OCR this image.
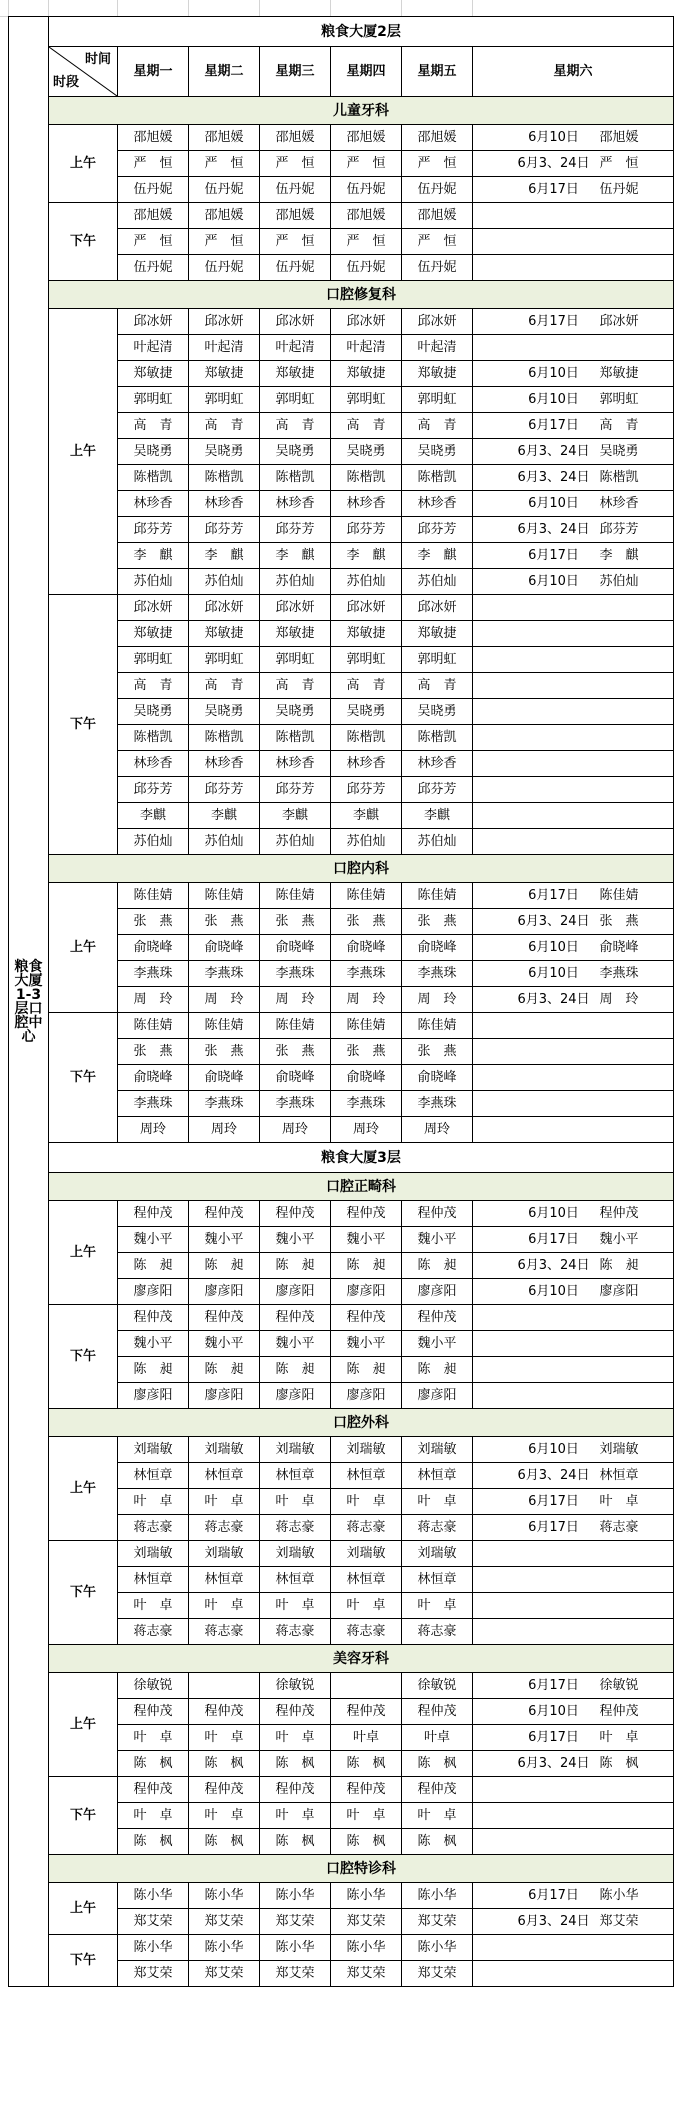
粮食大厦1-3层口腔中心	粮食大厦2层						

	时间
时段	星期一	星期二	星期三	星期四	星期五	星期六
	儿童牙科						
	上午	邵旭媛	邵旭媛	邵旭媛	邵旭媛	邵旭媛	6月10日 邵旭媛
		严　恒	严　恒	严　恒	严　恒	严　恒	6月3、24日 严　恒
		伍丹妮	伍丹妮	伍丹妮	伍丹妮	伍丹妮	6月17日 伍丹妮
	下午	邵旭媛	邵旭媛	邵旭媛	邵旭媛	邵旭媛	
		严　恒	严　恒	严　恒	严　恒	严　恒	
		伍丹妮	伍丹妮	伍丹妮	伍丹妮	伍丹妮	
	口腔修复科						
	上午	邱冰妍	邱冰妍	邱冰妍	邱冰妍	邱冰妍	6月17日 邱冰妍
		叶起清	叶起清	叶起清	叶起清	叶起清	
		郑敏捷	郑敏捷	郑敏捷	郑敏捷	郑敏捷	6月10日 郑敏捷
		郭明虹	郭明虹	郭明虹	郭明虹	郭明虹	6月10日 郭明虹
		高　青	高　青	高　青	高　青	高　青	6月17日 高　青
		吴晓勇	吴晓勇	吴晓勇	吴晓勇	吴晓勇	6月3、24日 吴晓勇
		陈楷凯	陈楷凯	陈楷凯	陈楷凯	陈楷凯	6月3、24日 陈楷凯
		林珍香	林珍香	林珍香	林珍香	林珍香	6月10日 林珍香
		邱芬芳	邱芬芳	邱芬芳	邱芬芳	邱芬芳	6月3、24日 邱芬芳
		李　麒	李　麒	李　麒	李　麒	李　麒	6月17日 李　麒
		苏伯灿	苏伯灿	苏伯灿	苏伯灿	苏伯灿	6月10日 苏伯灿
	下午	邱冰妍	邱冰妍	邱冰妍	邱冰妍	邱冰妍	
		郑敏捷	郑敏捷	郑敏捷	郑敏捷	郑敏捷	
		郭明虹	郭明虹	郭明虹	郭明虹	郭明虹	
		高　青	高　青	高　青	高　青	高　青	
		吴晓勇	吴晓勇	吴晓勇	吴晓勇	吴晓勇	
		陈楷凯	陈楷凯	陈楷凯	陈楷凯	陈楷凯	
		林珍香	林珍香	林珍香	林珍香	林珍香	
		邱芬芳	邱芬芳	邱芬芳	邱芬芳	邱芬芳	
		李麒	李麒	李麒	李麒	李麒	
		苏伯灿	苏伯灿	苏伯灿	苏伯灿	苏伯灿	
	口腔内科						
	上午	陈佳婧	陈佳婧	陈佳婧	陈佳婧	陈佳婧	6月17日 陈佳婧
		张　燕	张　燕	张　燕	张　燕	张　燕	6月3、24日 张　燕
		俞晓峰	俞晓峰	俞晓峰	俞晓峰	俞晓峰	6月10日 俞晓峰
		李燕珠	李燕珠	李燕珠	李燕珠	李燕珠	6月10日 李燕珠
		周　玲	周　玲	周　玲	周　玲	周　玲	6月3、24日 周　玲
	下午	陈佳婧	陈佳婧	陈佳婧	陈佳婧	陈佳婧	
		张　燕	张　燕	张　燕	张　燕	张　燕	
		俞晓峰	俞晓峰	俞晓峰	俞晓峰	俞晓峰	
		李燕珠	李燕珠	李燕珠	李燕珠	李燕珠	
		周玲	周玲	周玲	周玲	周玲	
	粮食大厦3层						
	口腔正畸科						
	上午	程仲茂	程仲茂	程仲茂	程仲茂	程仲茂	6月10日 程仲茂
		魏小平	魏小平	魏小平	魏小平	魏小平	6月17日 魏小平
		陈　昶	陈　昶	陈　昶	陈　昶	陈　昶	6月3、24日 陈　昶
		廖彦阳	廖彦阳	廖彦阳	廖彦阳	廖彦阳	6月10日 廖彦阳
	下午	程仲茂	程仲茂	程仲茂	程仲茂	程仲茂	
		魏小平	魏小平	魏小平	魏小平	魏小平	
		陈　昶	陈　昶	陈　昶	陈　昶	陈　昶	
		廖彦阳	廖彦阳	廖彦阳	廖彦阳	廖彦阳	
	口腔外科						
	上午	刘瑞敏	刘瑞敏	刘瑞敏	刘瑞敏	刘瑞敏	6月10日 刘瑞敏
		林恒章	林恒章	林恒章	林恒章	林恒章	6月3、24日 林恒章
		叶　卓	叶　卓	叶　卓	叶　卓	叶　卓	6月17日 叶　卓
		蒋志豪	蒋志豪	蒋志豪	蒋志豪	蒋志豪	6月17日 蒋志豪
	下午	刘瑞敏	刘瑞敏	刘瑞敏	刘瑞敏	刘瑞敏	
		林恒章	林恒章	林恒章	林恒章	林恒章	
		叶　卓	叶　卓	叶　卓	叶　卓	叶　卓	
		蒋志豪	蒋志豪	蒋志豪	蒋志豪	蒋志豪	
	美容牙科						
	上午	徐敏锐		徐敏锐		徐敏锐	6月17日 徐敏锐
		程仲茂	程仲茂	程仲茂	程仲茂	程仲茂	6月10日 程仲茂
		叶　卓	叶　卓	叶　卓	叶卓	叶卓	6月17日 叶　卓
		陈　枫	陈　枫	陈　枫	陈　枫	陈　枫	6月3、24日 陈　枫
	下午	程仲茂	程仲茂	程仲茂	程仲茂	程仲茂	
		叶　卓	叶　卓	叶　卓	叶　卓	叶　卓	
		陈　枫	陈　枫	陈　枫	陈　枫	陈　枫	
	口腔特诊科						
	上午	陈小华	陈小华	陈小华	陈小华	陈小华	6月17日 陈小华
		郑艾荣	郑艾荣	郑艾荣	郑艾荣	郑艾荣	6月3、24日 郑艾荣
	下午	陈小华	陈小华	陈小华	陈小华	陈小华	
		郑艾荣	郑艾荣	郑艾荣	郑艾荣	郑艾荣	
